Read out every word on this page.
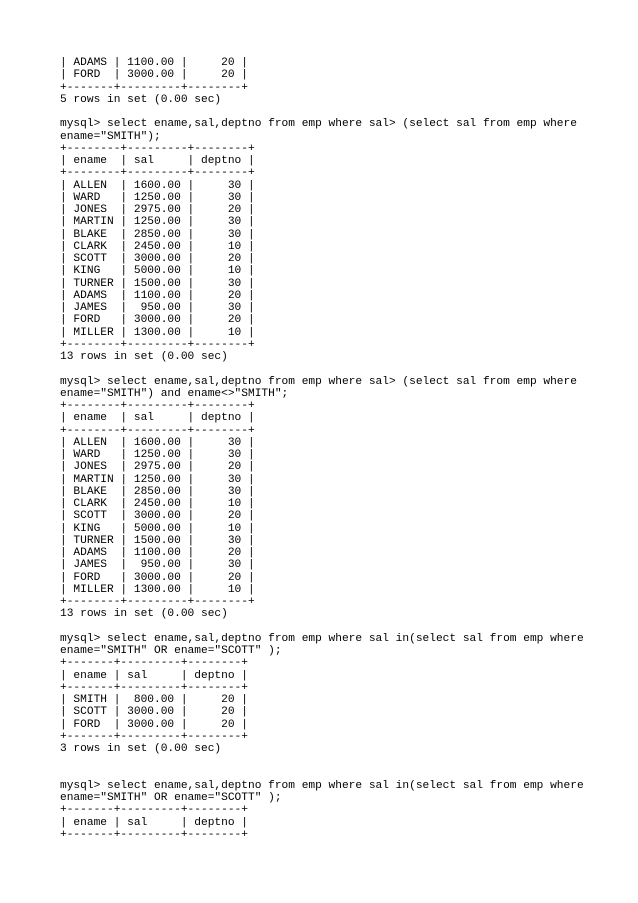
| ADAMS | 1100.00 |     20 |
| FORD  | 3000.00 |     20 |
+-------+---------+--------+
5 rows in set (0.00 sec)
mysql> select ename,sal,deptno from emp where sal> (select sal from emp where
ename="SMITH");
+--------+---------+--------+
| ename  | sal     | deptno |
+--------+---------+--------+
| ALLEN  | 1600.00 |     30 |
| WARD   | 1250.00 |     30 |
| JONES  | 2975.00 |     20 |
| MARTIN | 1250.00 |     30 |
| BLAKE  | 2850.00 |     30 |
| CLARK  | 2450.00 |     10 |
| SCOTT  | 3000.00 |     20 |
| KING   | 5000.00 |     10 |
| TURNER | 1500.00 |     30 |
| ADAMS  | 1100.00 |     20 |
| JAMES  |  950.00 |     30 |
| FORD   | 3000.00 |     20 |
| MILLER | 1300.00 |     10 |
+--------+---------+--------+
13 rows in set (0.00 sec)
mysql> select ename,sal,deptno from emp where sal> (select sal from emp where
ename="SMITH") and ename<>"SMITH";
+--------+---------+--------+
| ename  | sal     | deptno |
+--------+---------+--------+
| ALLEN  | 1600.00 |     30 |
| WARD   | 1250.00 |     30 |
| JONES  | 2975.00 |     20 |
| MARTIN | 1250.00 |     30 |
| BLAKE  | 2850.00 |     30 |
| CLARK  | 2450.00 |     10 |
| SCOTT  | 3000.00 |     20 |
| KING   | 5000.00 |     10 |
| TURNER | 1500.00 |     30 |
| ADAMS  | 1100.00 |     20 |
| JAMES  |  950.00 |     30 |
| FORD   | 3000.00 |     20 |
| MILLER | 1300.00 |     10 |
+--------+---------+--------+
13 rows in set (0.00 sec)
mysql> select ename,sal,deptno from emp where sal in(select sal from emp where
ename="SMITH" OR ename="SCOTT" );
+-------+---------+--------+
| ename | sal     | deptno |
+-------+---------+--------+
| SMITH |  800.00 |     20 |
| SCOTT | 3000.00 |     20 |
| FORD  | 3000.00 |     20 |
+-------+---------+--------+
3 rows in set (0.00 sec)
mysql> select ename,sal,deptno from emp where sal in(select sal from emp where
ename="SMITH" OR ename="SCOTT" );
+-------+---------+--------+
| ename | sal     | deptno |
+-------+---------+--------+
